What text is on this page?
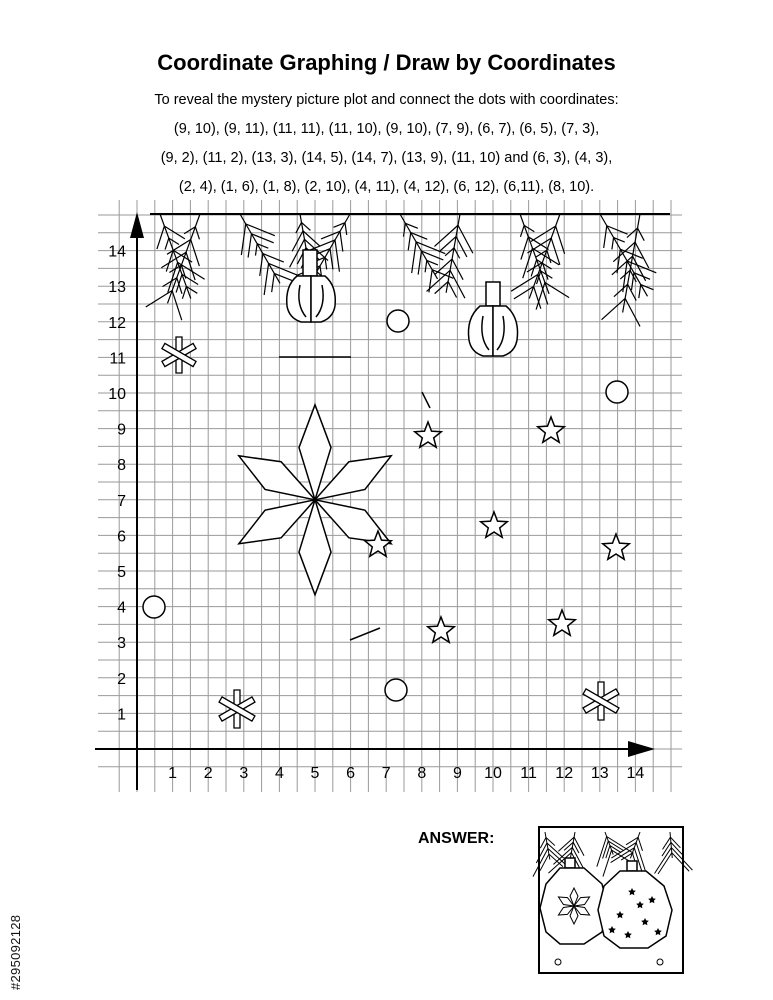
Coordinate Graphing / Draw by Coordinates
To reveal the mystery picture plot and connect the dots with coordinates:
(9, 10), (9, 11), (11, 11), (11, 10), (9, 10), (7, 9), (6, 7), (6, 5), (7, 3),
(9, 2), (11, 2), (13, 3), (14, 5), (14, 7), (13, 9), (11, 10) and (6, 3), (4, 3),
(2, 4), (1, 6), (1, 8), (2, 10), (4, 11), (4, 12), (6, 12), (6,11), (8, 10).
1 2 3 4 5 6 7 8 9 10 11 12 13 14
1
2
3
4
5
6
7
8
9
10
11
12
13
14
ANSWER:
#295092128
